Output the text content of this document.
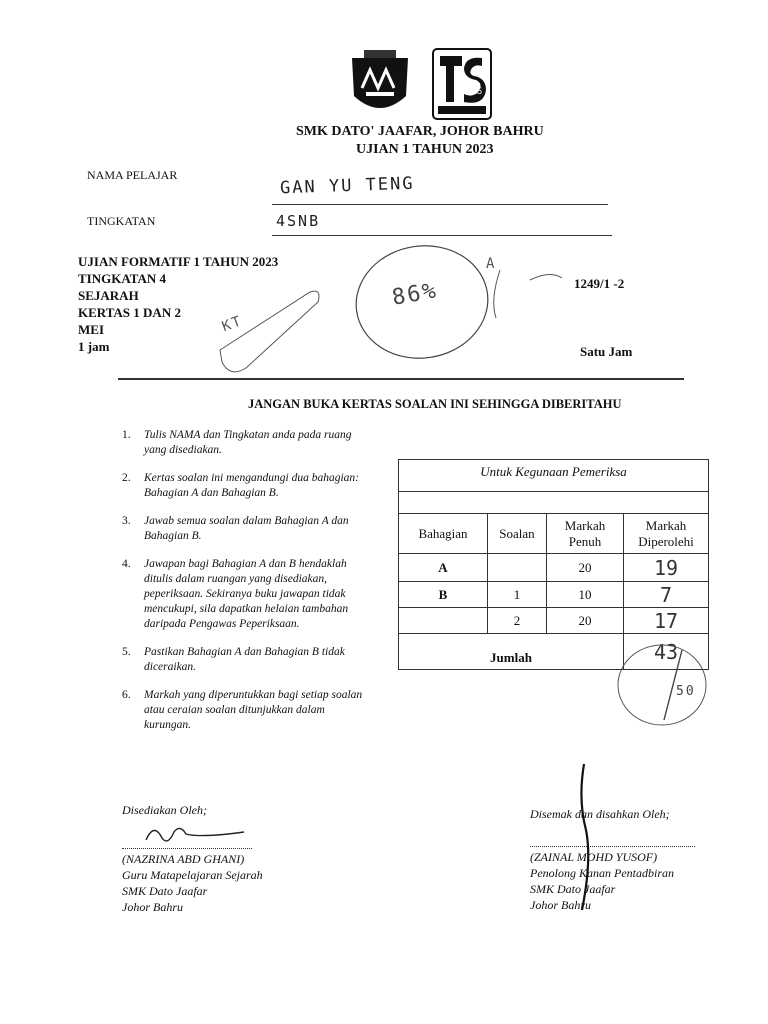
25
SMK DATO' JAAFAR, JOHOR BAHRU
UJIAN 1 TAHUN 2023
NAMA PELAJAR	GAN YU TENG
TINGKATAN	4SNB
UJIAN FORMATIF 1 TAHUN 2023
TINGKATAN 4
SEJARAH
KERTAS 1 DAN 2
MEI
1 jam
1249/1 -2
Satu Jam
86%
KT
A
JANGAN BUKA KERTAS SOALAN INI SEHINGGA DIBERITAHU
1.	Tulis NAMA dan Tingkatan anda pada ruang yang disediakan.
2.	Kertas soalan ini mengandungi dua bahagian: Bahagian A dan Bahagian B.
3.	Jawab semua soalan dalam Bahagian A dan Bahagian B.
4.	Jawapan bagi Bahagian A dan B hendaklah ditulis dalam ruangan yang disediakan, peperiksaan. Sekiranya buku jawapan tidak mencukupi, sila dapatkan helaian tambahan daripada Pengawas Peperiksaan.
5.	Pastikan Bahagian A dan Bahagian B tidak diceraikan.
6.	Markah yang diperuntukkan bagi setiap soalan atau ceraian soalan ditunjukkan dalam kurungan.
Untuk Kegunaan Pemeriksa			

Bahagian	Soalan	Markah Penuh	Markah Diperolehi
A		20	19
B	1	10	7
	2	20	17
Jumlah			43
50
Disediakan Oleh;
(NAZRINA ABD GHANI)
Guru Matapelajaran Sejarah
SMK Dato Jaafar
Johor Bahru
Disemak dan disahkan Oleh;
(ZAINAL MOHD YUSOF)
Penolong Kanan Pentadbiran
SMK Dato Jaafar
Johor Bahru
